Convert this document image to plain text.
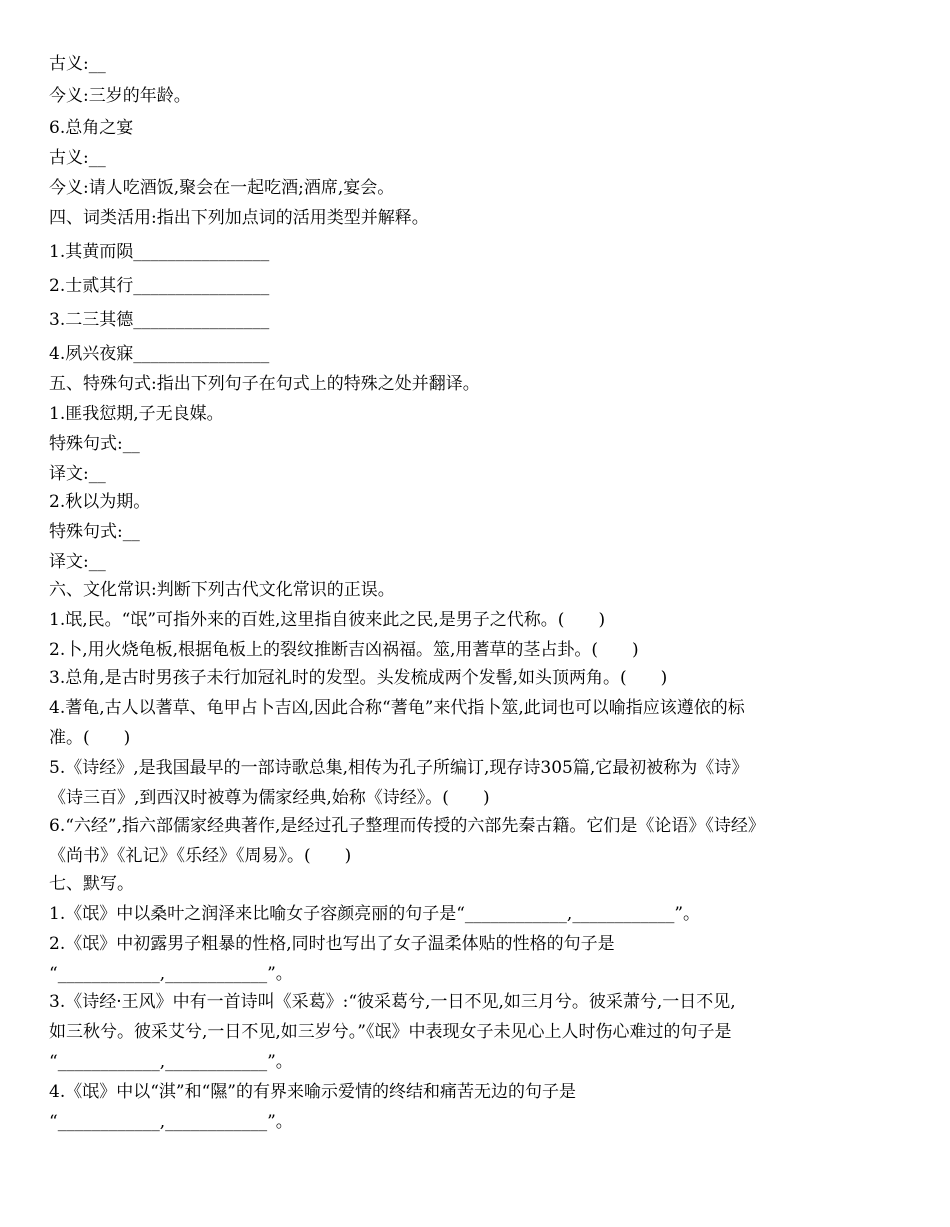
古义:__
今义:三岁的年龄。
6.总角之宴
古义:__
今义:请人吃酒饭,聚会在一起吃酒;酒席,宴会。
四、词类活用:指出下列加点词的活用类型并解释。
1.其黄而陨________________
2.士贰其行________________
3.二三其德________________
4.夙兴夜寐________________
五、特殊句式:指出下列句子在句式上的特殊之处并翻译。
1.匪我愆期,子无良媒。
特殊句式:__
译文:__
2.秋以为期。
特殊句式:__
译文:__
六、文化常识:判断下列古代文化常识的正误。
1.氓,民。“氓”可指外来的百姓,这里指自彼来此之民,是男子之代称。(　　)
2.卜,用火烧龟板,根据龟板上的裂纹推断吉凶祸福。筮,用蓍草的茎占卦。(　　)
3.总角,是古时男孩子未行加冠礼时的发型。头发梳成两个发髻,如头顶两角。(　　)
4.蓍龟,古人以蓍草、龟甲占卜吉凶,因此合称“蓍龟”来代指卜筮,此词也可以喻指应该遵依的标
准。(　　)
5.《诗经》,是我国最早的一部诗歌总集,相传为孔子所编订,现存诗305篇,它最初被称为《诗》
《诗三百》,到西汉时被尊为儒家经典,始称《诗经》。(　　)
6.“六经”,指六部儒家经典著作,是经过孔子整理而传授的六部先秦古籍。它们是《论语》《诗经》
《尚书》《礼记》《乐经》《周易》。(　　)
七、默写。
1.《氓》中以桑叶之润泽来比喻女子容颜亮丽的句子是“____________,____________”。
2.《氓》中初露男子粗暴的性格,同时也写出了女子温柔体贴的性格的句子是
“____________,____________”。
3.《诗经·王风》中有一首诗叫《采葛》:“彼采葛兮,一日不见,如三月兮。彼采萧兮,一日不见,
如三秋兮。彼采艾兮,一日不见,如三岁兮。”《氓》中表现女子未见心上人时伤心难过的句子是
“____________,____________”。
4.《氓》中以“淇”和“隰”的有界来喻示爱情的终结和痛苦无边的句子是
“____________,____________”。
